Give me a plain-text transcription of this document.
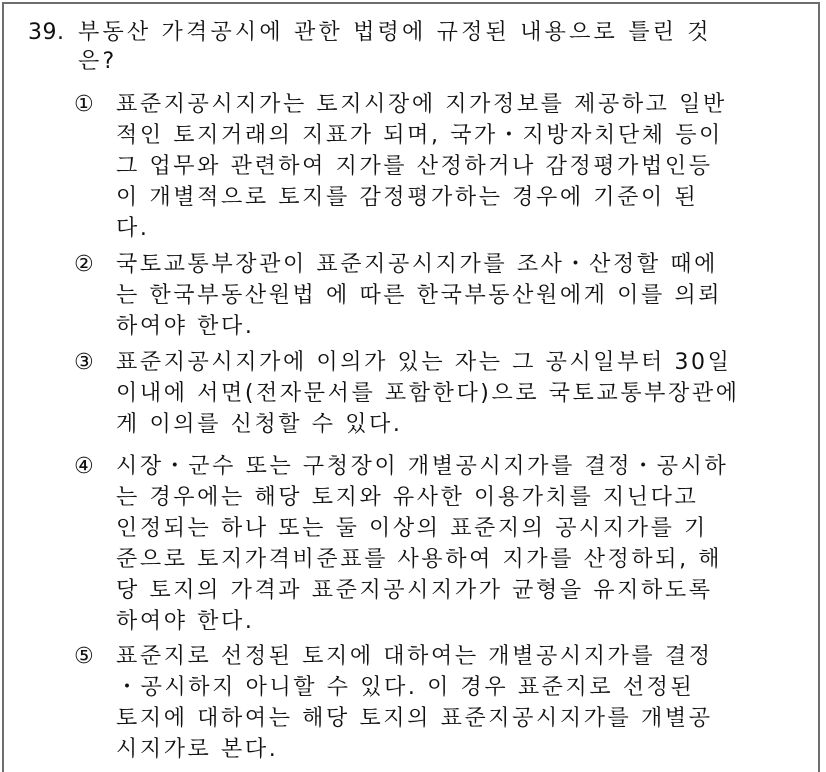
39. 부동산 가격공시에 관한 법령에 규정된 내용으로 틀린 것
은?
①	표준지공시지가는 토지시장에 지가정보를 제공하고 일반
적인 토지거래의 지표가 되며, 국가・지방자치단체 등이
그 업무와 관련하여 지가를 산정하거나 감정평가법인등
이 개별적으로 토지를 감정평가하는 경우에 기준이 된
다.
②	국토교통부장관이 표준지공시지가를 조사・산정할 때에
는 한국부동산원법 에 따른 한국부동산원에게 이를 의뢰
하여야 한다.
③	표준지공시지가에 이의가 있는 자는 그 공시일부터 30일
이내에 서면(전자문서를 포함한다)으로 국토교통부장관에
게 이의를 신청할 수 있다.
④	시장・군수 또는 구청장이 개별공시지가를 결정・공시하
는 경우에는 해당 토지와 유사한 이용가치를 지닌다고
인정되는 하나 또는 둘 이상의 표준지의 공시지가를 기
준으로 토지가격비준표를 사용하여 지가를 산정하되, 해
당 토지의 가격과 표준지공시지가가 균형을 유지하도록
하여야 한다.
⑤	표준지로 선정된 토지에 대하여는 개별공시지가를 결정
・공시하지 아니할 수 있다. 이 경우 표준지로 선정된
토지에 대하여는 해당 토지의 표준지공시지가를 개별공
시지가로 본다.
